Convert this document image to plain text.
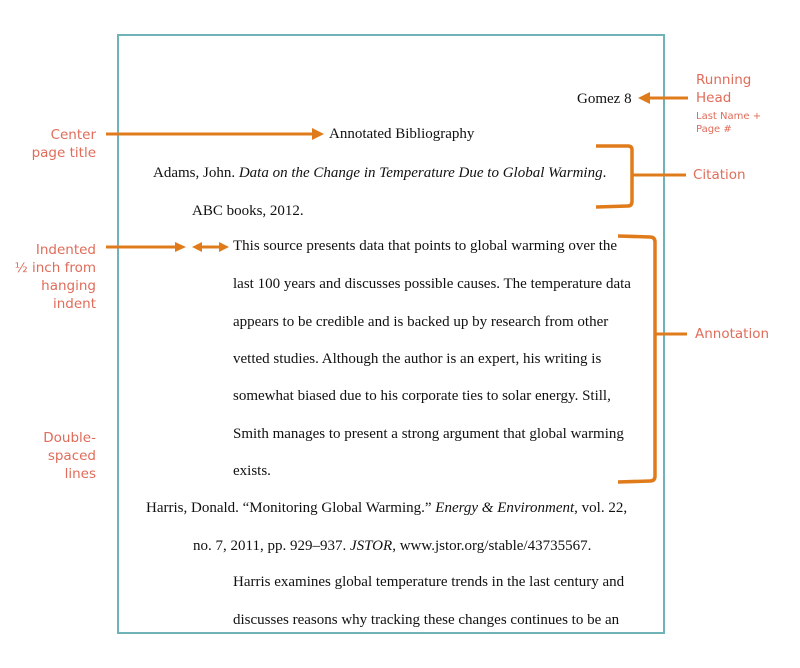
Gomez 8
Annotated Bibliography
Adams, John. Data on the Change in Temperature Due to Global Warming.
ABC books, 2012.
This source presents data that points to global warming over the
last 100 years and discusses possible causes. The temperature data
appears to be credible and is backed up by research from other
vetted studies. Although the author is an expert, his writing is
somewhat biased due to his corporate ties to solar energy. Still,
Smith manages to present a strong argument that global warming
exists.
Harris, Donald. “Monitoring Global Warming.” Energy & Environment, vol. 22,
no. 7, 2011, pp. 929–937. JSTOR, www.jstor.org/stable/43735567.
Harris examines global temperature trends in the last century and
discusses reasons why tracking these changes continues to be an
Running
Head
Last Name +
Page #
Center
page title
Citation
Indented
½ inch from
hanging
indent
Annotation
Double-
spaced
lines
